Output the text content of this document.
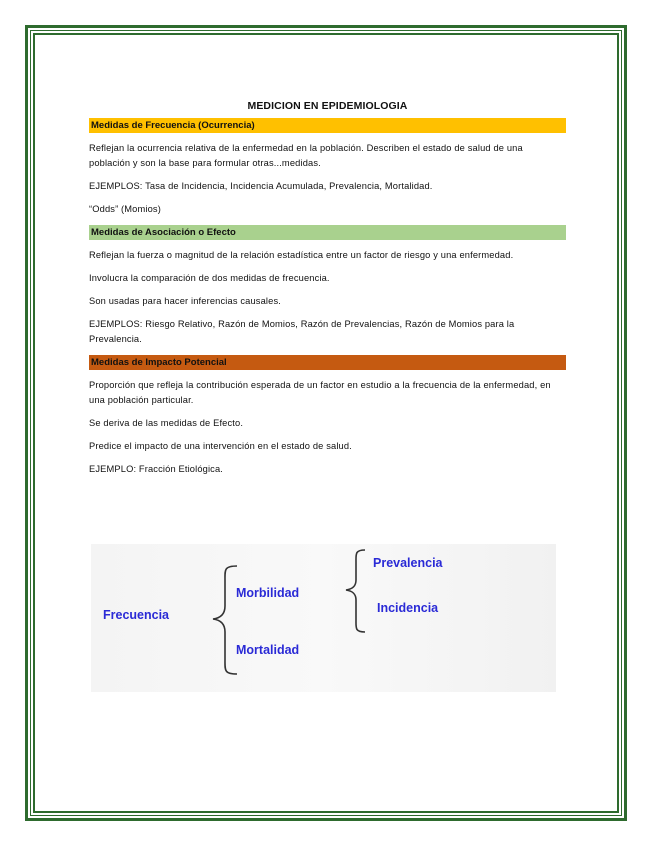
MEDICION EN EPIDEMIOLOGIA
Medidas de Frecuencia (Ocurrencia)

Reflejan la ocurrencia relativa de la enfermedad en la población. Describen el estado de salud de una población y son la base para formular otras...medidas.

EJEMPLOS: Tasa de Incidencia, Incidencia Acumulada, Prevalencia, Mortalidad.

“Odds” (Momios)

Medidas de Asociación o Efecto

Reflejan la fuerza o magnitud de la relación estadística entre un factor de riesgo y una enfermedad.

Involucra la comparación de dos medidas de frecuencia.

Son usadas para hacer inferencias causales.

EJEMPLOS: Riesgo Relativo, Razón de Momios, Razón de Prevalencias, Razón de Momios para la Prevalencia.

Medidas de Impacto Potencial

Proporción que refleja la contribución esperada de un factor en estudio a la frecuencia de la enfermedad, en una población particular.

Se deriva de las medidas de Efecto.

Predice el impacto de una intervención en el estado de salud.

EJEMPLO: Fracción Etiológica.

Frecuencia
Morbilidad
Mortalidad
Prevalencia
Incidencia
